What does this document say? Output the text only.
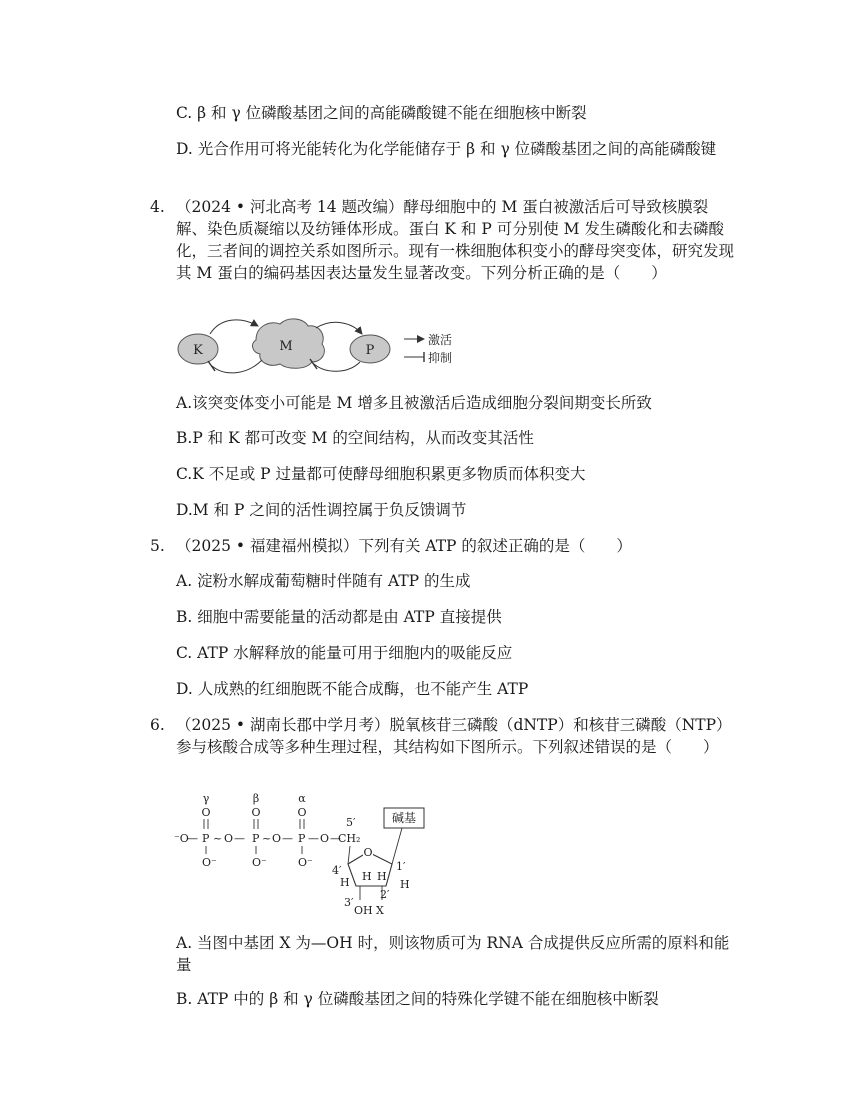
C. β 和 γ 位磷酸基团之间的高能磷酸键不能在细胞核中断裂
D. 光合作用可将光能转化为化学能储存于 β 和 γ 位磷酸基团之间的高能磷酸键
4. （2024 • 河北高考 14 题改编）酵母细胞中的 M 蛋白被激活后可导致核膜裂解、染色质凝缩以及纺锤体形成。蛋白 K 和 P 可分别使 M 发生磷酸化和去磷酸化，三者间的调控关系如图所示。现有一株细胞体积变小的酵母突变体，研究发现其 M 蛋白的编码基因表达量发生显著改变。下列分析正确的是（　　）
K	M	P
激活
抑制
A.该突变体变小可能是 M 增多且被激活后造成细胞分裂间期变长所致
B.P 和 K 都可改变 M 的空间结构，从而改变其活性
C.K 不足或 P 过量都可使酵母细胞积累更多物质而体积变大
D.M 和 P 之间的活性调控属于负反馈调节
5. （2025 • 福建福州模拟）下列有关 ATP 的叙述正确的是（　　）
A. 淀粉水解成葡萄糖时伴随有 ATP 的生成
B. 细胞中需要能量的活动都是由 ATP 直接提供
C. ATP 水解释放的能量可用于细胞内的吸能反应
D. 人成熟的红细胞既不能合成酶，也不能产生 ATP
6. （2025 • 湖南长郡中学月考）脱氧核苷三磷酸（dNTP）和核苷三磷酸（NTP）参与核酸合成等多种生理过程，其结构如下图所示。下列叙述错误的是（　　）
γ	β	α
O	O	O
⁻O
— P ~ O — P ~ O — P — O —
CH₂
5′
O⁻	O⁻	O⁻
O
4′	1′
H H H
H
2′
3′
OH X
碱基
A. 当图中基团 X 为—OH 时，则该物质可为 RNA 合成提供反应所需的原料和能量
B. ATP 中的 β 和 γ 位磷酸基团之间的特殊化学键不能在细胞核中断裂
